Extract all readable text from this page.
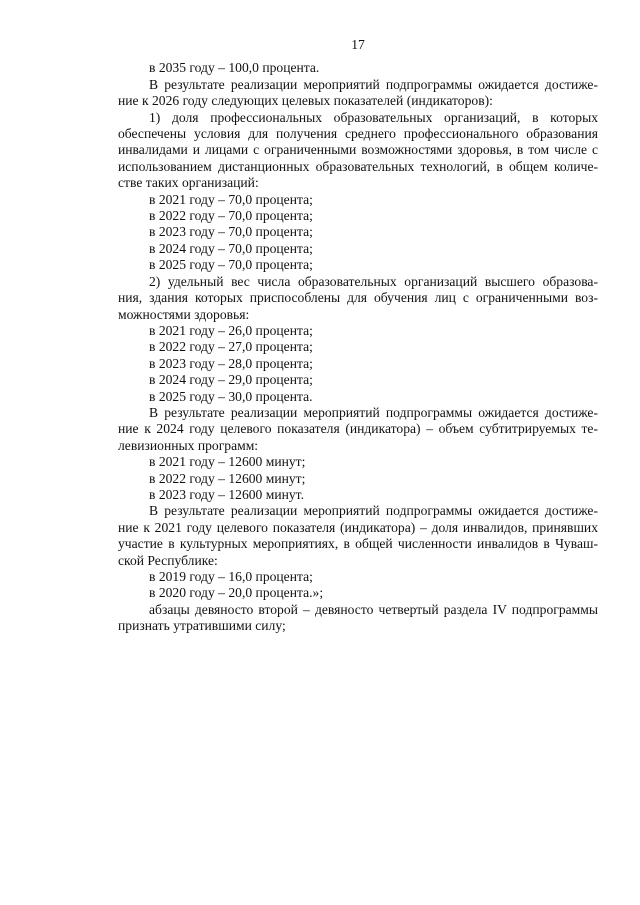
17

в 2035 году – 100,0 процента.

В результате реализации мероприятий подпрограммы ожидается достиже-

ние к 2026 году следующих целевых показателей (индикаторов):

1) доля профессиональных образовательных организаций, в которых

обеспечены условия для получения среднего профессионального образования

инвалидами и лицами с ограниченными возможностями здоровья, в том числе с

использованием дистанционных образовательных технологий, в общем количе-

стве таких организаций:

в 2021 году – 70,0 процента;

в 2022 году – 70,0 процента;

в 2023 году – 70,0 процента;

в 2024 году – 70,0 процента;

в 2025 году – 70,0 процента;

2) удельный вес числа образовательных организаций высшего образова-

ния, здания которых приспособлены для обучения лиц с ограниченными воз-

можностями здоровья:

в 2021 году – 26,0 процента;

в 2022 году – 27,0 процента;

в 2023 году – 28,0 процента;

в 2024 году – 29,0 процента;

в 2025 году – 30,0 процента.

В результате реализации мероприятий подпрограммы ожидается достиже-

ние к 2024 году целевого показателя (индикатора) – объем субтитрируемых те-

левизионных программ:

в 2021 году – 12600 минут;

в 2022 году – 12600 минут;

в 2023 году – 12600 минут.

В результате реализации мероприятий подпрограммы ожидается достиже-

ние к 2021 году целевого показателя (индикатора) – доля инвалидов, принявших

участие в культурных мероприятиях, в общей численности инвалидов в Чуваш-

ской Республике:

в 2019 году – 16,0 процента;

в 2020 году – 20,0 процента.»;

абзацы девяносто второй – девяносто четвертый раздела IV подпрограммы

признать утратившими силу;
